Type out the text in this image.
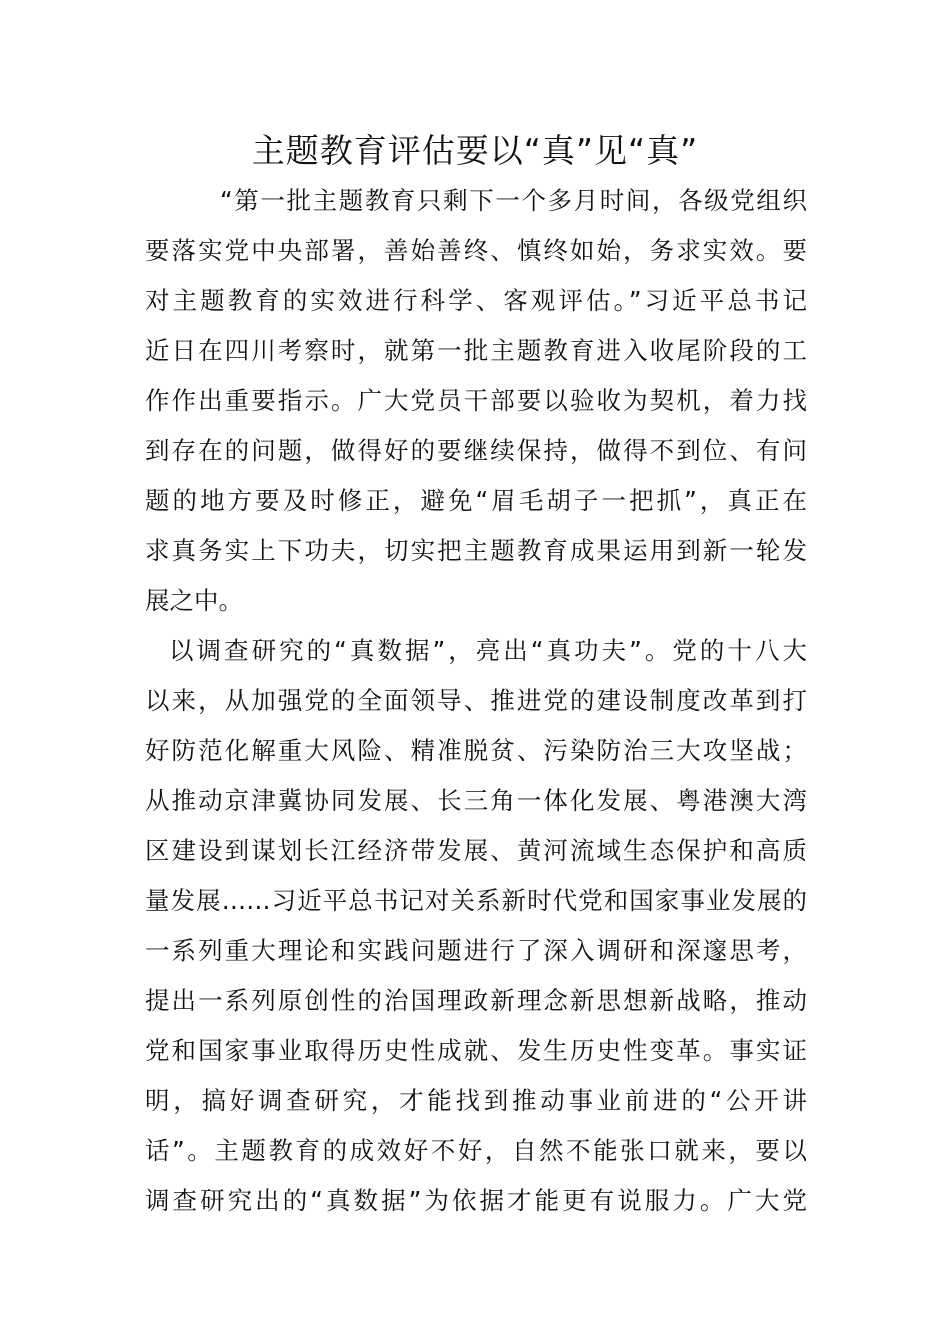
主题教育评估要以“真”见“真”
“第一批主题教育只剩下一个多月时间，各级党组织
要落实党中央部署，善始善终、慎终如始，务求实效。要
对主题教育的实效进行科学、客观评估。”习近平总书记
近日在四川考察时，就第一批主题教育进入收尾阶段的工
作作出重要指示。广大党员干部要以验收为契机，着力找
到存在的问题，做得好的要继续保持，做得不到位、有问
题的地方要及时修正，避免“眉毛胡子一把抓”，真正在
求真务实上下功夫，切实把主题教育成果运用到新一轮发
展之中。
以调查研究的“真数据”，亮出“真功夫”。党的十八大
以来，从加强党的全面领导、推进党的建设制度改革到打
好防范化解重大风险、精准脱贫、污染防治三大攻坚战；
从推动京津冀协同发展、长三角一体化发展、粤港澳大湾
区建设到谋划长江经济带发展、黄河流域生态保护和高质
量发展……习近平总书记对关系新时代党和国家事业发展的
一系列重大理论和实践问题进行了深入调研和深邃思考，
提出一系列原创性的治国理政新理念新思想新战略，推动
党和国家事业取得历史性成就、发生历史性变革。事实证
明，搞好调查研究，才能找到推动事业前进的“公开讲
话”。主题教育的成效好不好，自然不能张口就来，要以
调查研究出的“真数据”为依据才能更有说服力。广大党
